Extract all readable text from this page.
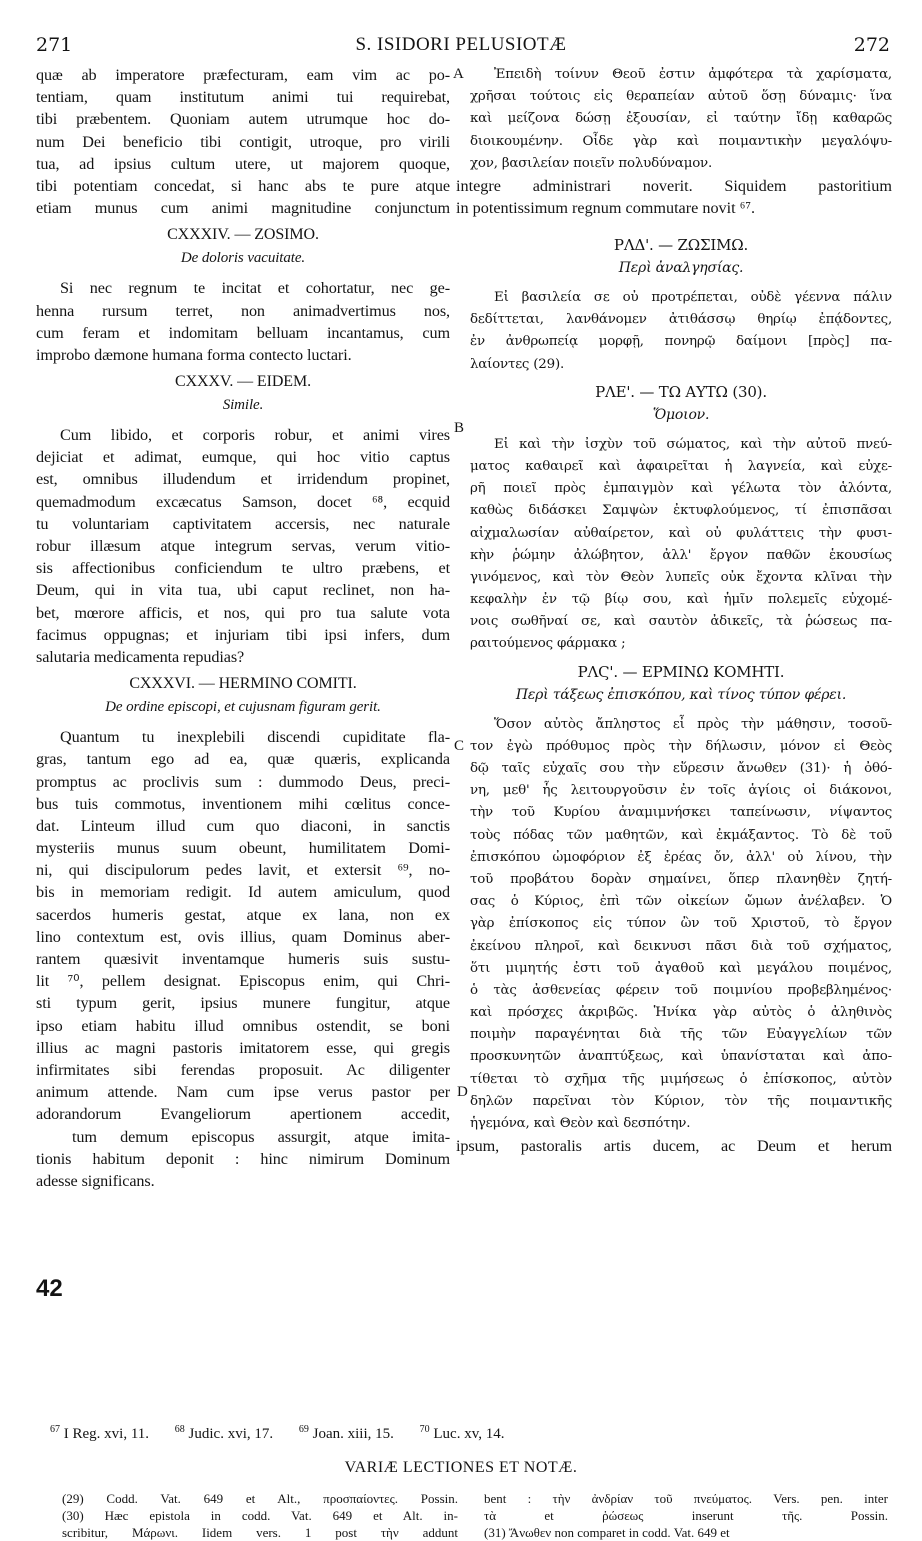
271	S. ISIDORI PELUSIOTÆ	272
quæ ab imperatore præfecturam, eam vim ac po-
tentiam, quam institutum animi tui requirebat,
tibi præbentem. Quoniam autem utrumque hoc do-
num Dei beneficio tibi contigit, utroque, pro virili
tua, ad ipsius cultum utere, ut majorem quoque,
tibi potentiam concedat, si hanc abs te pure atque
etiam munus cum animi magnitudine conjunctum
CXXXIV. — ZOSIMO.
De doloris vacuitate.
Si nec regnum te incitat et cohortatur, nec ge-
henna rursum terret, non animadvertimus nos,
cum feram et indomitam belluam incantamus, cum
improbo dæmone humana forma contecto luctari.
CXXXV. — EIDEM.
Simile.
Cum libido, et corporis robur, et animi vires
dejiciat et adimat, eumque, qui hoc vitio captus
est, omnibus illudendum et irridendum propinet,
quemadmodum excæcatus Samson, docet ⁶⁸, ecquid
tu voluntariam captivitatem accersis, nec naturale
robur illæsum atque integrum servas, verum vitio-
sis affectionibus conficiendum te ultro præbens, et
Deum, qui in vita tua, ubi caput reclinet, non ha-
bet, mœrore afficis, et nos, qui pro tua salute vota
facimus oppugnas; et injuriam tibi ipsi infers, dum
salutaria medicamenta repudias?
CXXXVI. — HERMINO COMITI.
De ordine episcopi, et cujusnam figuram gerit.
Quantum tu inexplebili discendi cupiditate fla-
gras, tantum ego ad ea, quæ quæris, explicanda
promptus ac proclivis sum : dummodo Deus, preci-
bus tuis commotus, inventionem mihi cœlitus conce-
dat. Linteum illud cum quo diaconi, in sanctis
mysteriis munus suum obeunt, humilitatem Domi-
ni, qui discipulorum pedes lavit, et extersit ⁶⁹, no-
bis in memoriam redigit. Id autem amiculum, quod
sacerdos humeris gestat, atque ex lana, non ex
lino contextum est, ovis illius, quam Dominus aber-
rantem quæsivit inventamque humeris suis sustu-
lit ⁷⁰, pellem designat. Episcopus enim, qui Chri-
sti typum gerit, ipsius munere fungitur, atque
ipso etiam habitu illud omnibus ostendit, se boni
illius ac magni pastoris imitatorem esse, qui gregis
infirmitates sibi ferendas proposuit. Ac diligenter
animum attende. Nam cum ipse verus pastor per
adorandorum Evangeliorum apertionem accedit,
tum demum episcopus assurgit, atque imita-
tionis habitum deponit : hinc nimirum Dominum
adesse significans.
Ἐπειδὴ τοίνυν Θεοῦ ἐστιν ἀμφότερα τὰ χαρίσματα,
χρῆσαι τούτοις εἰς θεραπείαν αὐτοῦ ὅσῃ δύναμις· ἵνα
καὶ μείζονα δώσῃ ἐξουσίαν, εἰ ταύτην ἴδῃ καθαρῶς
διοικουμένην. Οἶδε γὰρ καὶ ποιμαντικὴν μεγαλόψυ-
χον, βασιλείαν ποιεῖν πολυδύναμον.
integre administrari noverit. Siquidem pastoritium
in potentissimum regnum commutare novit ⁶⁷.
ΡΛΔ'. — ΖΩΣΙΜΩ.
Περὶ ἀναλγησίας.
Εἰ βασιλεία σε οὐ προτρέπεται, οὐδὲ γέεννα πάλιν
δεδίττεται, λανθάνομεν ἀτιθάσσῳ θηρίῳ ἐπᾴδοντες,
ἐν ἀνθρωπείᾳ μορφῇ, πονηρῷ δαίμονι [πρὸς] πα-
λαίοντες (29).
ΡΛΕ'. — ΤΩ ΑΥΤΩ (30).
Ὅμοιον.
Εἰ καὶ τὴν ἰσχὺν τοῦ σώματος, καὶ τὴν αὐτοῦ πνεύ-
ματος καθαιρεῖ καὶ ἀφαιρεῖται ἡ λαγνεία, καὶ εὐχε-
ρῆ ποιεῖ πρὸς ἐμπαιγμὸν καὶ γέλωτα τὸν ἁλόντα,
καθὼς διδάσκει Σαμψὼν ἐκτυφλούμενος, τί ἐπισπᾶσαι
αἰχμαλωσίαν αὐθαίρετον, καὶ οὐ φυλάττεις τὴν φυσι-
κὴν ῥώμην ἀλώβητον, ἀλλ' ἔργον παθῶν ἑκουσίως
γινόμενος, καὶ τὸν Θεὸν λυπεῖς οὐκ ἔχοντα κλῖναι τὴν
κεφαλὴν ἐν τῷ βίῳ σου, καὶ ἡμῖν πολεμεῖς εὐχομέ-
νοις σωθῆναί σε, καὶ σαυτὸν ἀδικεῖς, τὰ ῥώσεως πα-
ραιτούμενος φάρμακα ;
ΡΛϚ'. — ΕΡΜΙΝΩ ΚΟΜΗΤΙ.
Περὶ τάξεως ἐπισκόπου, καὶ τίνος τύπον φέρει.
Ὅσον αὐτὸς ἄπληστος εἶ πρὸς τὴν μάθησιν, τοσοῦ-
τον ἐγὼ πρόθυμος πρὸς τὴν δήλωσιν, μόνον εἰ Θεὸς
δῷ ταῖς εὐχαῖς σου τὴν εὕρεσιν ἄνωθεν (31)· ἡ ὀθό-
νη, μεθ' ἧς λειτουργοῦσιν ἐν τοῖς ἁγίοις οἱ διάκονοι,
τὴν τοῦ Κυρίου ἀναμιμνήσκει ταπείνωσιν, νίψαντος
τοὺς πόδας τῶν μαθητῶν, καὶ ἐκμάξαντος. Τὸ δὲ τοῦ
ἐπισκόπου ὠμοφόριον ἐξ ἐρέας ὄν, ἀλλ' οὐ λίνου, τὴν
τοῦ προβάτου δορὰν σημαίνει, ὅπερ πλανηθὲν ζητή-
σας ὁ Κύριος, ἐπὶ τῶν οἰκείων ὤμων ἀνέλαβεν. Ὁ
γὰρ ἐπίσκοπος εἰς τύπον ὢν τοῦ Χριστοῦ, τὸ ἔργον
ἐκείνου πληροῖ, καὶ δεικνυσι πᾶσι διὰ τοῦ σχήματος,
ὅτι μιμητής ἐστι τοῦ ἀγαθοῦ καὶ μεγάλου ποιμένος,
ὁ τὰς ἀσθενείας φέρειν τοῦ ποιμνίου προβεβλημένος·
καὶ πρόσχες ἀκριβῶς. Ἡνίκα γὰρ αὐτὸς ὁ ἀληθινὸς
ποιμὴν παραγένηται διὰ τῆς τῶν Εὐαγγελίων τῶν
προσκυνητῶν ἀναπτύξεως, καὶ ὑπανίσταται καὶ ἀπο-
τίθεται τὸ σχῆμα τῆς μιμήσεως ὁ ἐπίσκοπος, αὐτὸν
δηλῶν παρεῖναι τὸν Κύριον, τὸν τῆς ποιμαντικῆς
ἡγεμόνα, καὶ Θεὸν καὶ δεσπότην.
ipsum, pastoralis artis ducem, ac Deum et herum
A
B
C
D
42
$^{67}$ I Reg. xvi, 11.	$^{68}$ Judic. xvi, 17.	$^{69}$ Joan. xiii, 15.	$^{70}$ Luc. xv, 14.
VARIÆ LECTIONES ET NOTÆ.
(29) Codd. Vat. 649 et Alt., προσπαίοντες. Possin.
(30) Hæc epistola in codd. Vat. 649 et Alt. in-
scribitur, Μάρωνι. Iidem vers. 1 post τὴν addunt
bent : τὴν ἀνδρίαν τοῦ πνεύματος. Vers. pen. inter
τὰ et ῥώσεως inserunt τῆς. Possin.
(31) Ἄνωθεν non comparet in codd. Vat. 649 et
